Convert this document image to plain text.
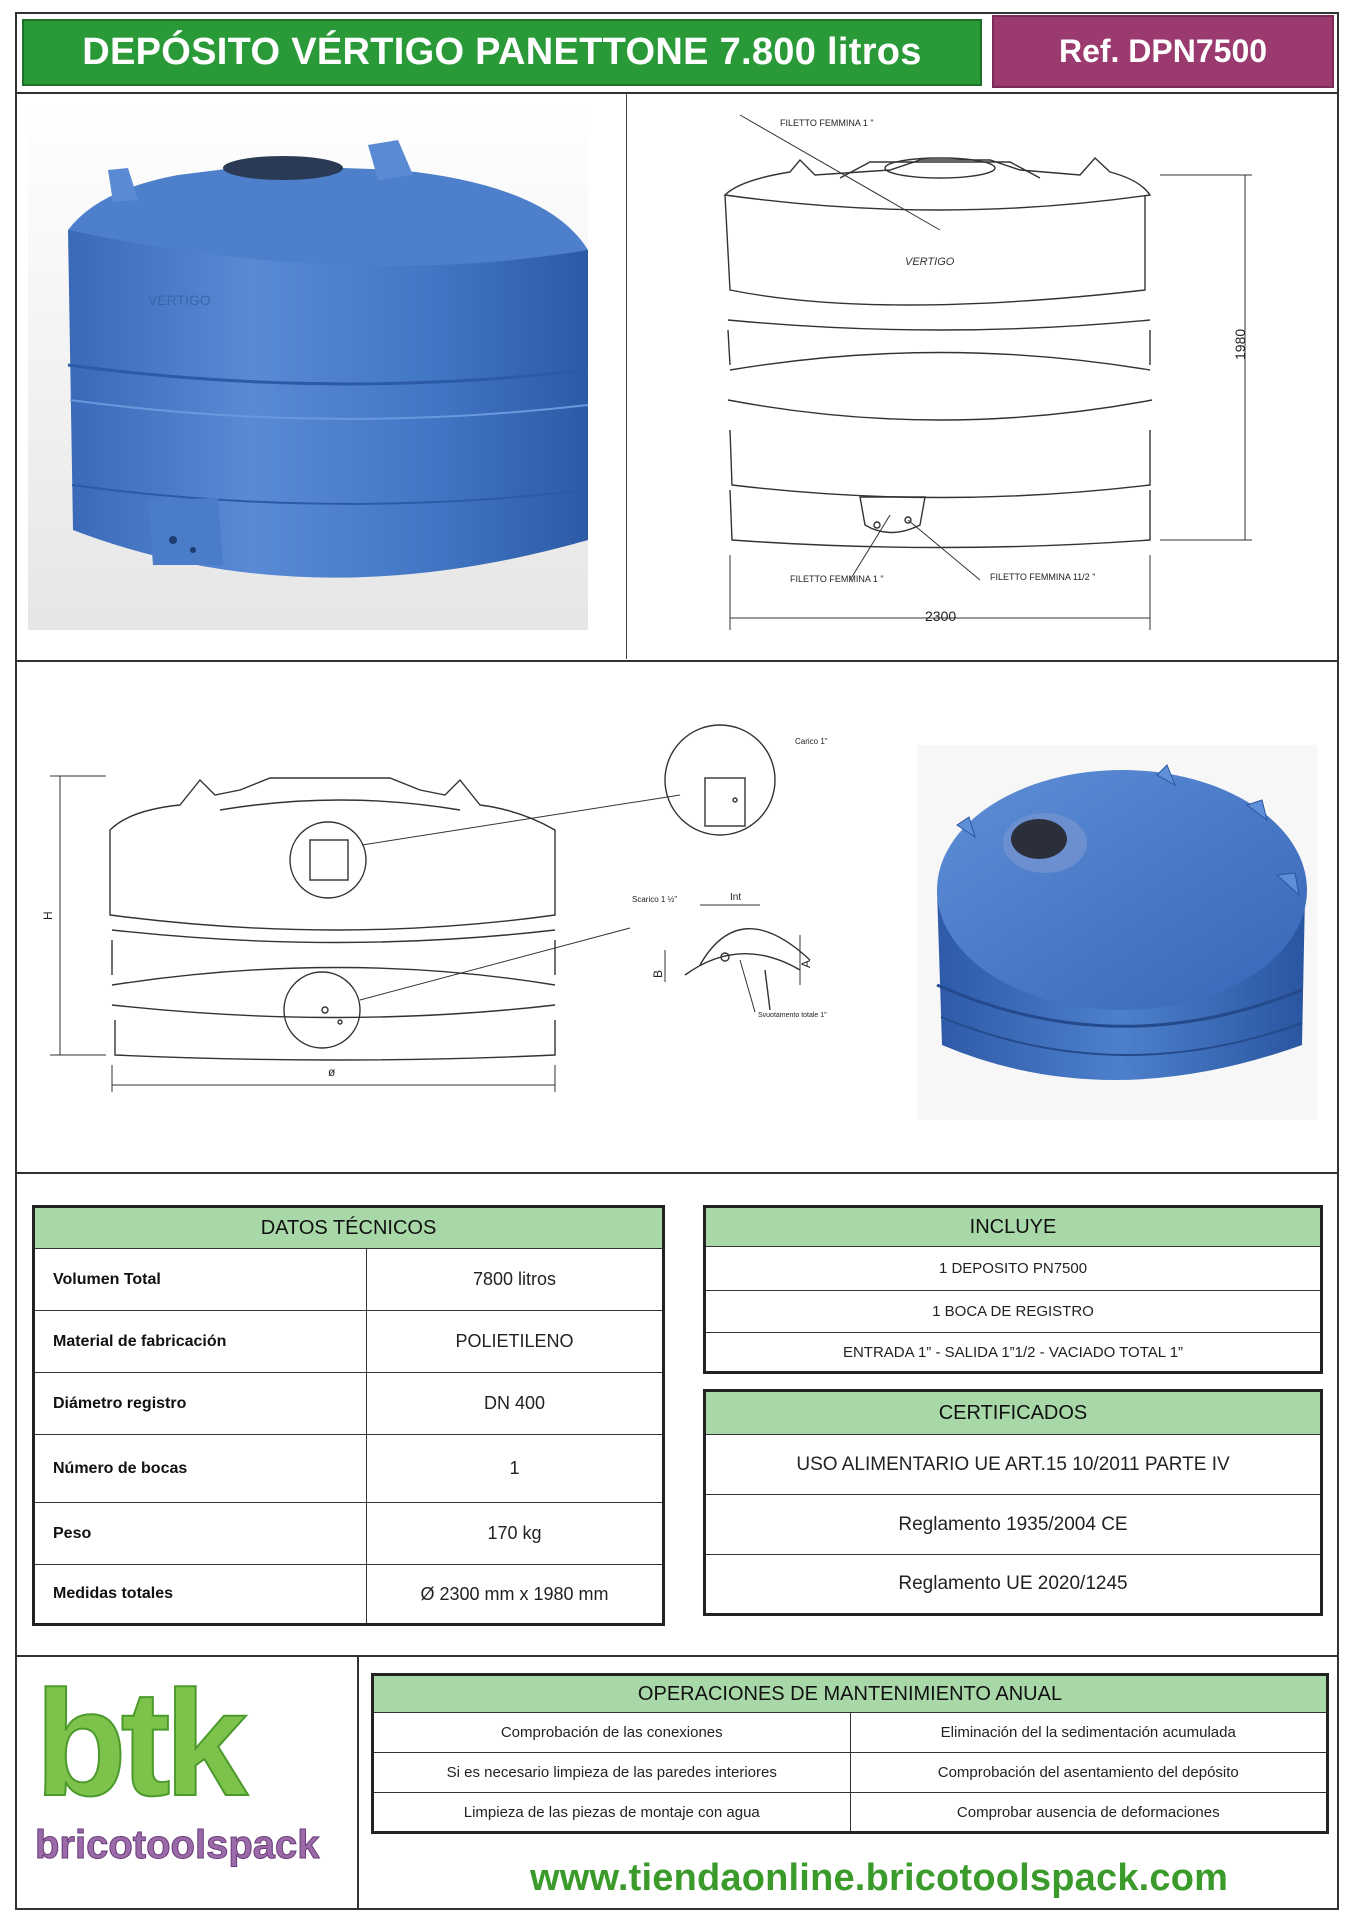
DEPÓSITO VÉRTIGO PANETTONE 7.800 litros	Ref. DPN7500
VERTIGO
FILETTO FEMMINA 1 "
FILETTO FEMMINA 1 "	FILETTO FEMMINA 11/2 "
2300
1980
VERTIGO
H
ø
Carico 1"
Scarico 1 ½"	Int
B
A
Svuotamento totale 1"
DATOS TÉCNICOS	
Volumen Total	7800 litros
Material de fabricación	POLIETILENO
Diámetro registro	DN 400
Número de bocas	1
Peso	170 kg
Medidas totales	Ø 2300 mm x 1980 mm
INCLUYE
1 DEPOSITO PN7500
1 BOCA DE REGISTRO
ENTRADA 1” - SALIDA 1”1/2 - VACIADO TOTAL 1”
CERTIFICADOS
USO ALIMENTARIO UE ART.15 10/2011 PARTE IV
Reglamento 1935/2004 CE
Reglamento UE 2020/1245
btk
bricotoolspack
OPERACIONES DE MANTENIMIENTO ANUAL	
Comprobación de las conexiones	Eliminación del la sedimentación acumulada
Si es necesario limpieza de las paredes interiores	Comprobación del asentamiento del depósito
Limpieza de las piezas de montaje con agua	Comprobar ausencia de deformaciones
www.tiendaonline.bricotoolspack.com
